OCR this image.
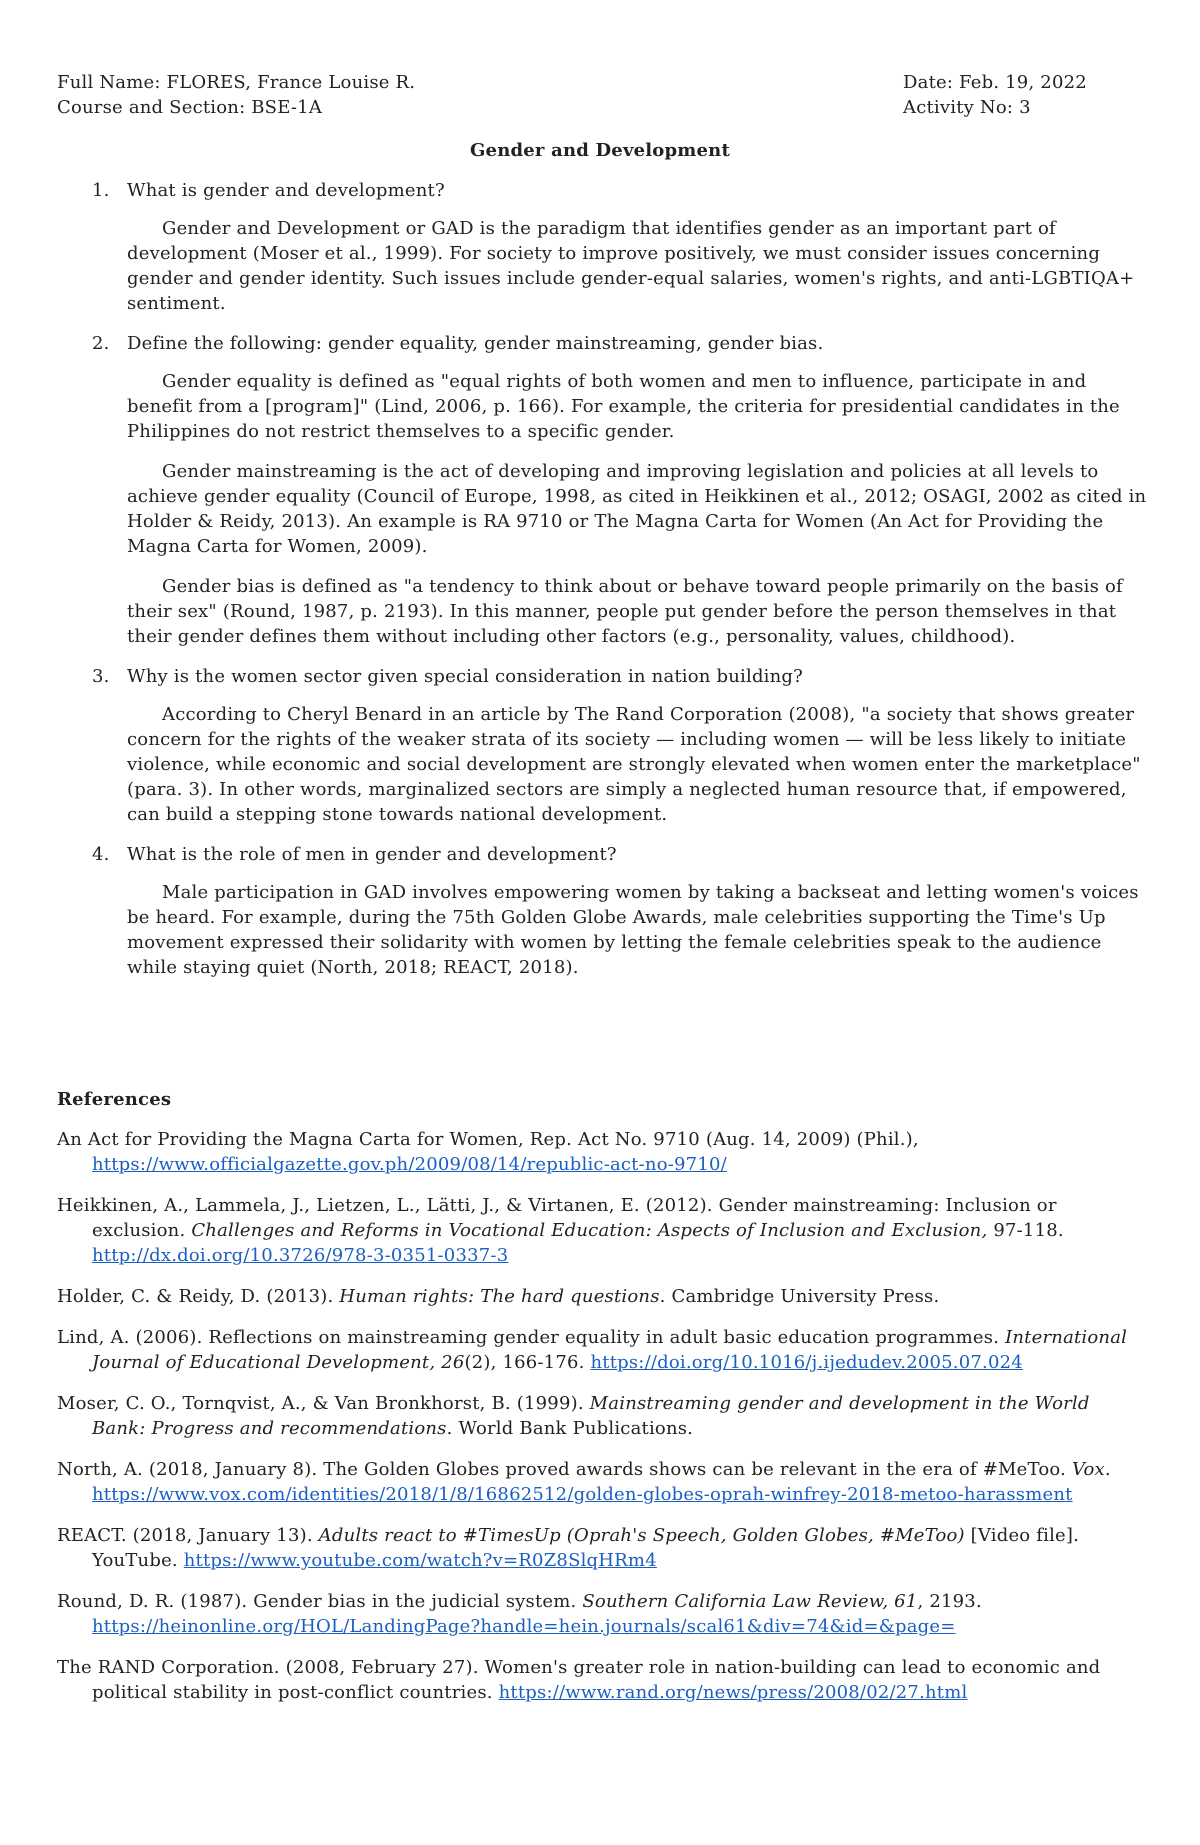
Full Name: FLORES, France Louise R.
Course and Section: BSE-1A
Date: Feb. 19, 2022
Activity No: 3
Gender and Development
1. What is gender and development?
Gender and Development or GAD is the paradigm that identifies gender as an important part of development (Moser et al., 1999). For society to improve positively, we must consider issues concerning gender and gender identity. Such issues include gender-equal salaries, women's rights, and anti-LGBTIQA+ sentiment.
2. Define the following: gender equality, gender mainstreaming, gender bias.
Gender equality is defined as "equal rights of both women and men to influence, participate in and benefit from a [program]" (Lind, 2006, p. 166). For example, the criteria for presidential candidates in the Philippines do not restrict themselves to a specific gender.
Gender mainstreaming is the act of developing and improving legislation and policies at all levels to achieve gender equality (Council of Europe, 1998, as cited in Heikkinen et al., 2012; OSAGI, 2002 as cited in Holder & Reidy, 2013). An example is RA 9710 or The Magna Carta for Women (An Act for Providing the Magna Carta for Women, 2009).
Gender bias is defined as "a tendency to think about or behave toward people primarily on the basis of their sex" (Round, 1987, p. 2193). In this manner, people put gender before the person themselves in that their gender defines them without including other factors (e.g., personality, values, childhood).
3. Why is the women sector given special consideration in nation building?
According to Cheryl Benard in an article by The Rand Corporation (2008), "a society that shows greater concern for the rights of the weaker strata of its society — including women — will be less likely to initiate violence, while economic and social development are strongly elevated when women enter the marketplace" (para. 3). In other words, marginalized sectors are simply a neglected human resource that, if empowered, can build a stepping stone towards national development.
4. What is the role of men in gender and development?
Male participation in GAD involves empowering women by taking a backseat and letting women's voices be heard. For example, during the 75th Golden Globe Awards, male celebrities supporting the Time's Up movement expressed their solidarity with women by letting the female celebrities speak to the audience while staying quiet (North, 2018; REACT, 2018).
References
An Act for Providing the Magna Carta for Women, Rep. Act No. 9710 (Aug. 14, 2009) (Phil.), https://www.officialgazette.gov.ph/2009/08/14/republic-act-no-9710/
Heikkinen, A., Lammela, J., Lietzen, L., Lätti, J., & Virtanen, E. (2012). Gender mainstreaming: Inclusion or exclusion. Challenges and Reforms in Vocational Education: Aspects of Inclusion and Exclusion, 97-118. http://dx.doi.org/10.3726/978-3-0351-0337-3
Holder, C. & Reidy, D. (2013). Human rights: The hard questions. Cambridge University Press.
Lind, A. (2006). Reflections on mainstreaming gender equality in adult basic education programmes. International Journal of Educational Development, 26(2), 166-176. https://doi.org/10.1016/j.ijedudev.2005.07.024
Moser, C. O., Tornqvist, A., & Van Bronkhorst, B. (1999). Mainstreaming gender and development in the World Bank: Progress and recommendations. World Bank Publications.
North, A. (2018, January 8). The Golden Globes proved awards shows can be relevant in the era of #MeToo. Vox. https://www.vox.com/identities/2018/1/8/16862512/golden-globes-oprah-winfrey-2018-metoo-harassment
REACT. (2018, January 13). Adults react to #TimesUp (Oprah's Speech, Golden Globes, #MeToo) [Video file]. YouTube. https://www.youtube.com/watch?v=R0Z8SlqHRm4
Round, D. R. (1987). Gender bias in the judicial system. Southern California Law Review, 61, 2193. https://heinonline.org/HOL/LandingPage?handle=hein.journals/scal61&div=74&id=&page=
The RAND Corporation. (2008, February 27). Women's greater role in nation-building can lead to economic and political stability in post-conflict countries. https://www.rand.org/news/press/2008/02/27.html
